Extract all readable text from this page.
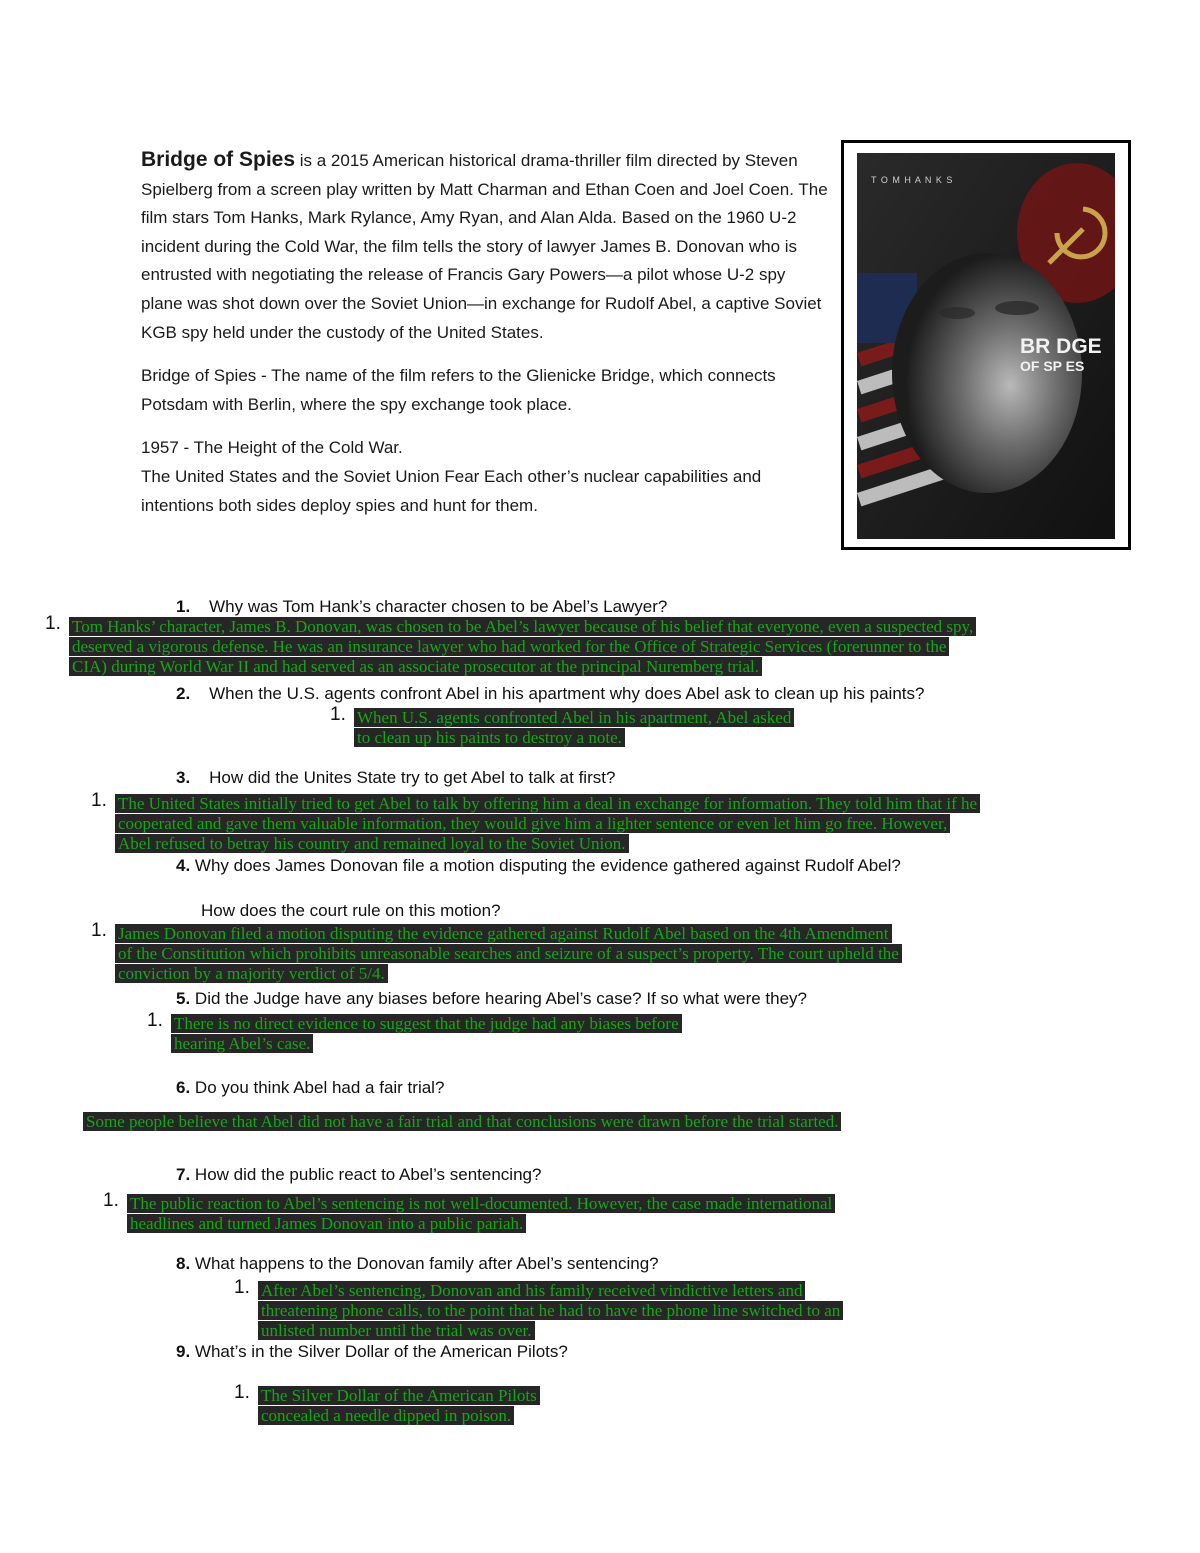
Bridge of Spies is a 2015 American historical drama-thriller film directed by Steven Spielberg from a screen play written by Matt Charman and Ethan Coen and Joel Coen. The film stars Tom Hanks, Mark Rylance, Amy Ryan, and Alan Alda. Based on the 1960 U-2 incident during the Cold War, the film tells the story of lawyer James B. Donovan who is entrusted with negotiating the release of Francis Gary Powers—a pilot whose U-2 spy plane was shot down over the Soviet Union—in exchange for Rudolf Abel, a captive Soviet KGB spy held under the custody of the United States.

Bridge of Spies - The name of the film refers to the Glienicke Bridge, which connects Potsdam with Berlin, where the spy exchange took place.

1957 - The Height of the Cold War.

The United States and the Soviet Union Fear Each other’s nuclear capabilities and intentions both sides deploy spies and hunt for them.

T O M H A N K S
BR DGE
OF SP ES
1. Why was Tom Hank’s character chosen to be Abel’s Lawyer?
1. Tom Hanks’ character, James B. Donovan, was chosen to be Abel’s lawyer because of his belief that everyone, even a suspected spy,
deserved a vigorous defense. He was an insurance lawyer who had worked for the Office of Strategic Services (forerunner to the
CIA) during World War II and had served as an associate prosecutor at the principal Nuremberg trial.
2. When the U.S. agents confront Abel in his apartment why does Abel ask to clean up his paints?
1. When U.S. agents confronted Abel in his apartment, Abel asked
to clean up his paints to destroy a note.
3. How did the Unites State try to get Abel to talk at first?
1. The United States initially tried to get Abel to talk by offering him a deal in exchange for information. They told him that if he
cooperated and gave them valuable information, they would give him a lighter sentence or even let him go free. However,
Abel refused to betray his country and remained loyal to the Soviet Union.
4. Why does James Donovan file a motion disputing the evidence gathered against Rudolf Abel?
How does the court rule on this motion?
1. James Donovan filed a motion disputing the evidence gathered against Rudolf Abel based on the 4th Amendment
of the Constitution which prohibits unreasonable searches and seizure of a suspect’s property. The court upheld the
conviction by a majority verdict of 5/4.
5. Did the Judge have any biases before hearing Abel’s case? If so what were they?
1. There is no direct evidence to suggest that the judge had any biases before
hearing Abel’s case.
6. Do you think Abel had a fair trial?
Some people believe that Abel did not have a fair trial and that conclusions were drawn before the trial started.
7. How did the public react to Abel’s sentencing?
1. The public reaction to Abel’s sentencing is not well-documented. However, the case made international
headlines and turned James Donovan into a public pariah.
8. What happens to the Donovan family after Abel’s sentencing?
1. After Abel’s sentencing, Donovan and his family received vindictive letters and
threatening phone calls, to the point that he had to have the phone line switched to an
unlisted number until the trial was over.
9. What’s in the Silver Dollar of the American Pilots?
1. The Silver Dollar of the American Pilots
concealed a needle dipped in poison.
